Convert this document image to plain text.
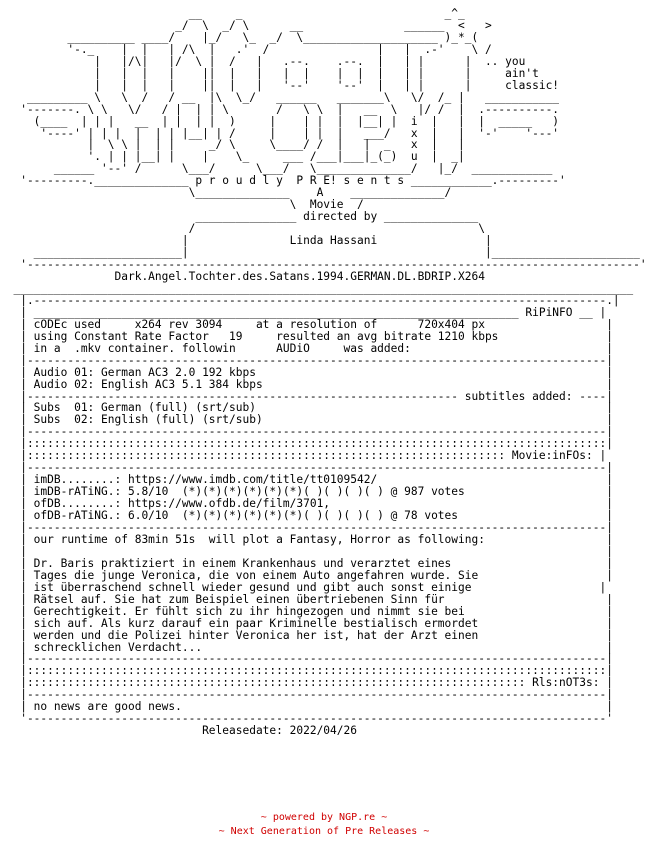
__     _                              _^_
_/  \  _/ \      __               ______  <   >
__________ ____/    |_/   \_  _/  \____________________ )_*_(
'-._    |  |   | /\  |   .'  /                |   |  .-'    \ /
|   |/\|   |/  \ |  /   |   .--.    .--.  |   | |      |  .. you
|   |  |   |    ||  |   |   |  |    |  |  |   | |      |     ain't
|   |  |   |    ||  |   |   '--'    '--'  |   | |      |     classic!
_________ \   \  /   / __  |\  \_/   ______   _______\   \/  /_ |   ___________
'-------. \ \   \/   / |  | | \       /   \ \  |   __  \   |/ /  |  .----------.
(____  | | |   __  | |  | |  )     |    | |  |  |__| |  i  |   |  |  _____   )
'----' | | |  |  | | |__| | /     |    | |  |   ___/   x  |   |  '-'    '---'
|  \ \ |  | |     _/ \     \____/ /  |   |  _   x  |   |
'. | | |__| |    |    \_     ___ /___|___|_(_)  u  |  _|
______ '--' /      \___/      \___/   \______________/   |_/  ____________
'---------.______________ p r o u d l y  P R E! s e n t s ____________.---------'
\______________    A    ______________/
\  Movie  /
_______________ directed by ______________
/                                          \
|               Linda Hassani                |
______________________|                                            |______________________
'-------------------------------------------------------------------------------------------'
Dark.Angel.Tochter.des.Satans.1994.GERMAN.DL.BDRIP.X264
____________________________________________________________________________________________
|.-------------------------------------------------------------------------------------.|
| ________________________________________________________________________ RiPiNFO __ |
| cODEc used     x264 rev 3094     at a resolution of      720x404 px                  |
| using Constant Rate Factor   19     resulted an avg bitrate 1210 kbps                |
| in a  .mkv container. followin      AUDiO     was added:                             |
|--------------------------------------------------------------------------------------|
| Audio 01: German AC3 2.0 192 kbps                                                    |
| Audio 02: English AC3 5.1 384 kbps                                                   |
|---------------------------------------------------------------- subtitles added: ----|
| Subs  01: German (full) (srt/sub)                                                    |
| Subs  02: English (full) (srt/sub)                                                   |
|--------------------------------------------------------------------------------------|
|::::::::::::::::::::::::::::::::::::::::::::::::::::::::::::::::::::::::::::::::::::::|
|::::::::::::::::::::::::::::::::::::::::::::::::::::::::::::::::::::::: Movie:inFOs: |
|--------------------------------------------------------------------------------------|
| imDB........: https://www.imdb.com/title/tt0109542/                                  |
| imDB-rATiNG.: 5.8/10  (*)(*)(*)(*)(*)(*)( )( )( )( ) @ 987 votes                     |
| ofDB........: https://www.ofdb.de/film/3701,                                         |
| ofDB-rATiNG.: 6.0/10  (*)(*)(*)(*)(*)(*)( )( )( )( ) @ 78 votes                      |
|--------------------------------------------------------------------------------------|
| our runtime of 83min 51s  will plot a Fantasy, Horror as following:                  |
|                                                                                      |
| Dr. Baris praktiziert in einem Krankenhaus und verarztet eines                       |
| Tages die junge Veronica, die von einem Auto angefahren wurde. Sie                   |
| ist überraschend schnell wieder gesund und gibt auch sonst einige                   |
| Rätsel auf. Sie hat zum Beispiel einen übertriebenen Sinn für                        |
| Gerechtigkeit. Er fühlt sich zu ihr hingezogen und nimmt sie bei                     |
| sich auf. Als kurz darauf ein paar Kriminelle bestialisch ermordet                   |
| werden und die Polizei hinter Veronica her ist, hat der Arzt einen                   |
| schrecklichen Verdacht...                                                            |
|--------------------------------------------------------------------------------------|
|::::::::::::::::::::::::::::::::::::::::::::::::::::::::::::::::::::::::::::::::::::::|
|:::::::::::::::::::::::::::::::::::::::::::::::::::::::::::::::::::::::::: Rls:nOT3s: |
|--------------------------------------------------------------------------------------|
| no news are good news.                                                               |
'--------------------------------------------------------------------------------------'
Releasedate: 2022/04/26

~ powered by NGP.re ~
~ Next Generation of Pre Releases ~
